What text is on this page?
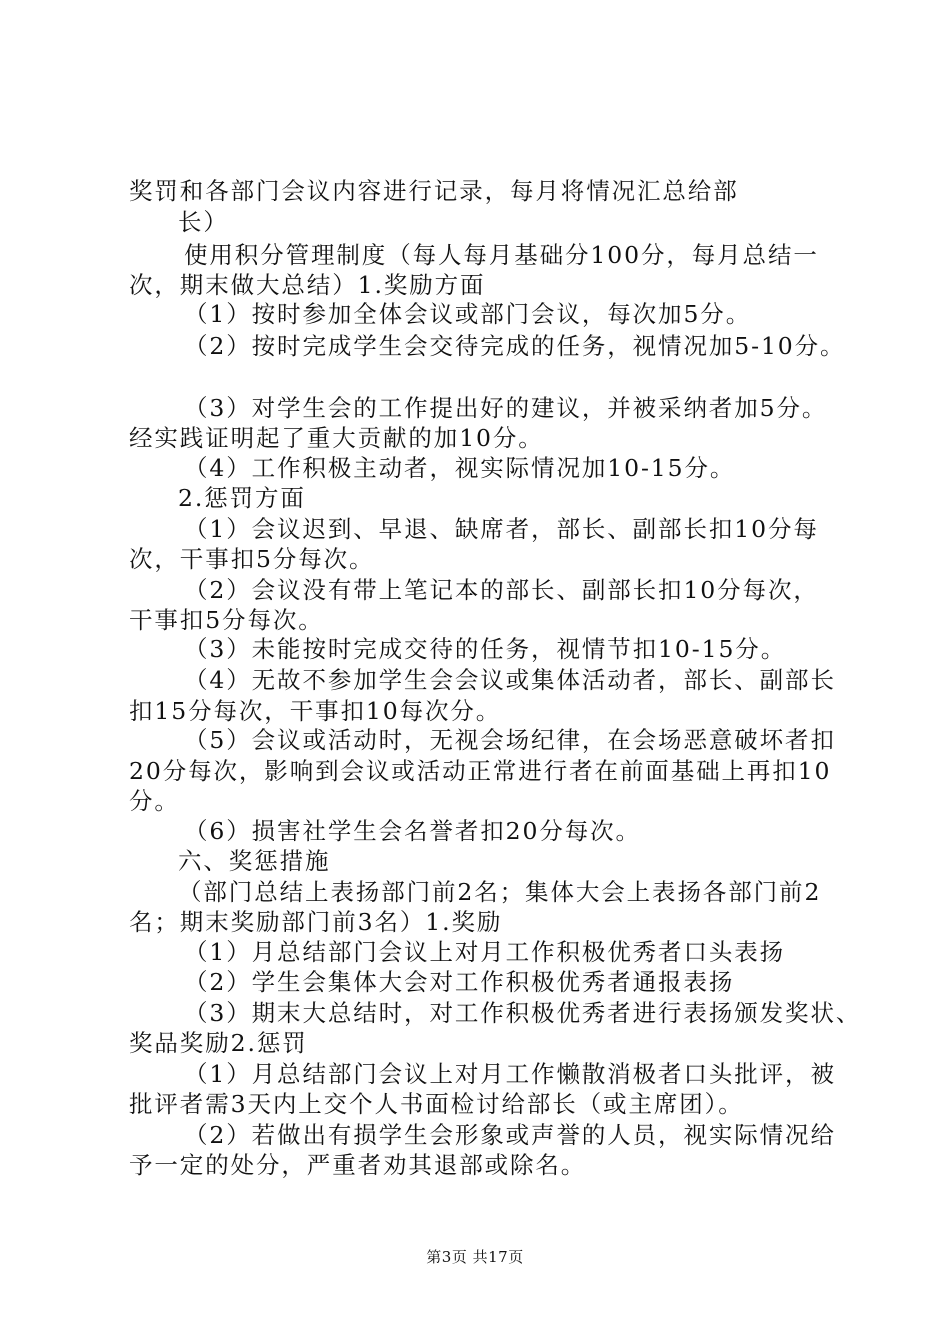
奖罚和各部门会议内容进行记录，每月将情况汇总给部
长）
使用积分管理制度（每人每月基础分100分，每月总结一
次，期末做大总结）1.奖励方面
（1）按时参加全体会议或部门会议，每次加5分。
（2）按时完成学生会交待完成的任务，视情况加5-10分。
（3）对学生会的工作提出好的建议，并被采纳者加5分。
经实践证明起了重大贡献的加10分。
（4）工作积极主动者，视实际情况加10-15分。
2.惩罚方面
（1）会议迟到、早退、缺席者，部长、副部长扣10分每
次，干事扣5分每次。
（2）会议没有带上笔记本的部长、副部长扣10分每次，
干事扣5分每次。
（3）未能按时完成交待的任务，视情节扣10-15分。
（4）无故不参加学生会会议或集体活动者，部长、副部长
扣15分每次，干事扣10每次分。
（5）会议或活动时，无视会场纪律，在会场恶意破坏者扣
20分每次，影响到会议或活动正常进行者在前面基础上再扣10
分。
（6）损害社学生会名誉者扣20分每次。
六、奖惩措施
（部门总结上表扬部门前2名；集体大会上表扬各部门前2
名；期末奖励部门前3名）1.奖励
（1）月总结部门会议上对月工作积极优秀者口头表扬
（2）学生会集体大会对工作积极优秀者通报表扬
（3）期末大总结时，对工作积极优秀者进行表扬颁发奖状、
奖品奖励2.惩罚
（1）月总结部门会议上对月工作懒散消极者口头批评，被
批评者需3天内上交个人书面检讨给部长（或主席团）。
（2）若做出有损学生会形象或声誉的人员，视实际情况给
予一定的处分，严重者劝其退部或除名。
第3页 共17页
